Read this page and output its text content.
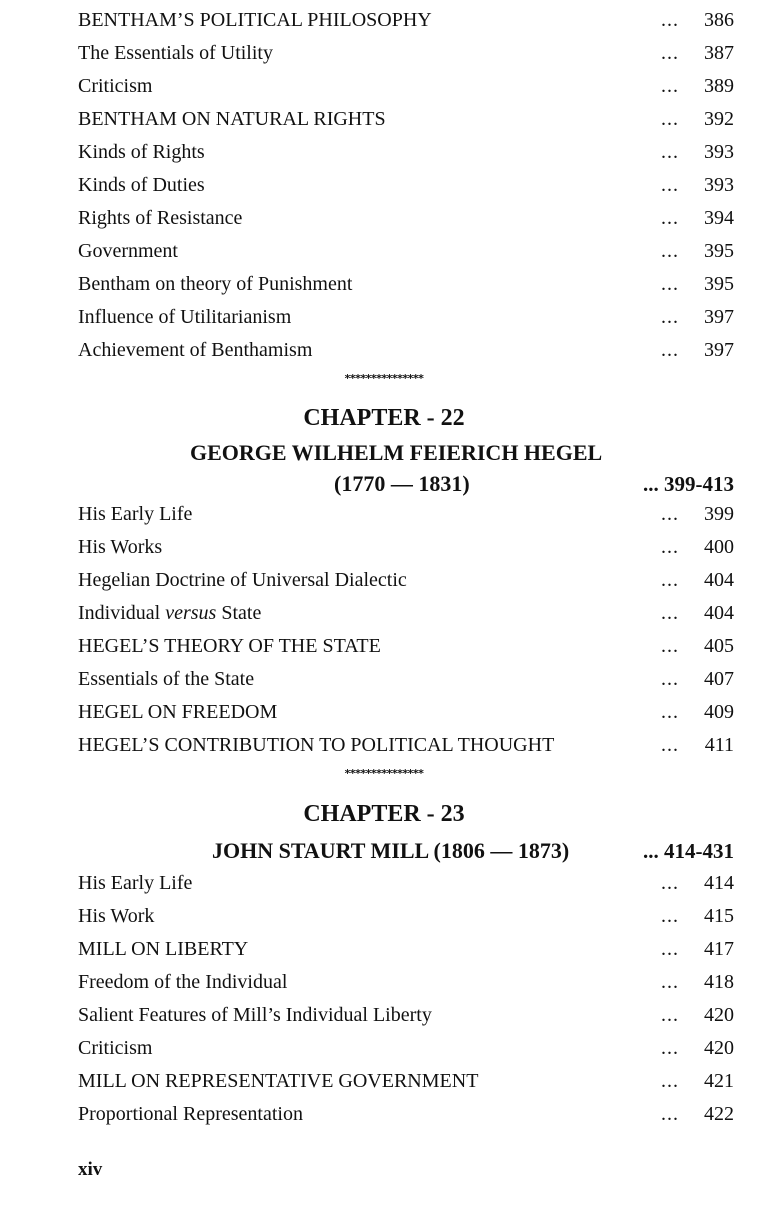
BENTHAM’S POLITICAL PHILOSOPHY	... 386
The Essentials of Utility	... 387
Criticism	... 389
BENTHAM ON NATURAL RIGHTS	... 392
Kinds of Rights	... 393
Kinds of Duties	... 393
Rights of Resistance	... 394
Government	... 395
Bentham on theory of Punishment	... 395
Influence of Utilitarianism	... 397
Achievement of Benthamism	... 397
***************
CHAPTER - 22
GEORGE WILHELM FEIERICH HEGEL
(1770 — 1831)	... 399-413
His Early Life	... 399
His Works	... 400
Hegelian Doctrine of Universal Dialectic	... 404
Individual versus State	... 404
HEGEL’S THEORY OF THE STATE	... 405
Essentials of the State	... 407
HEGEL ON FREEDOM	... 409
HEGEL’S CONTRIBUTION TO POLITICAL THOUGHT	... 411
***************
CHAPTER - 23
JOHN STAURT MILL (1806 — 1873)	... 414-431
His Early Life	... 414
His Work	... 415
MILL ON LIBERTY	... 417
Freedom of the Individual	... 418
Salient Features of Mill’s Individual Liberty	... 420
Criticism	... 420
MILL ON REPRESENTATIVE GOVERNMENT	... 421
Proportional Representation	... 422
xiv
